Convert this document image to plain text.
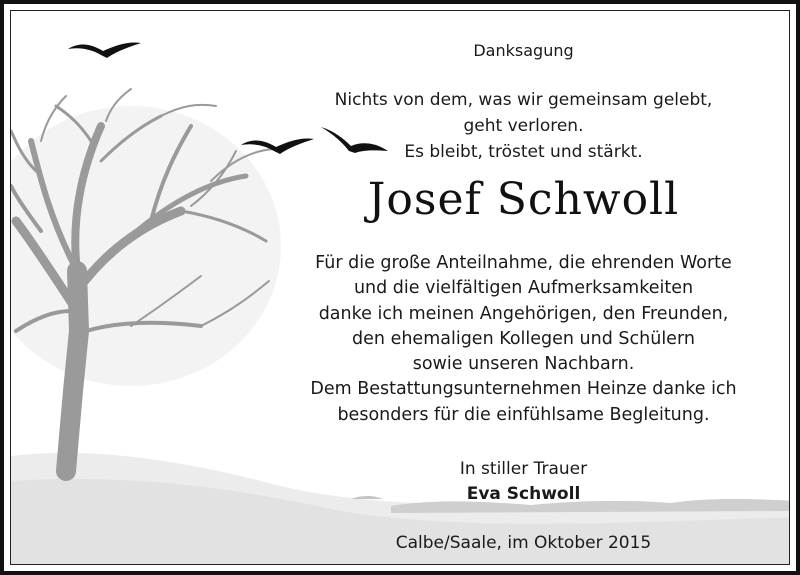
Danksagung
Nichts von dem, was wir gemeinsam gelebt,
geht verloren.
Es bleibt, tröstet und stärkt.
Josef Schwoll
Für die große Anteilnahme, die ehrenden Worte
und die vielfältigen Aufmerksamkeiten
danke ich meinen Angehörigen, den Freunden,
den ehemaligen Kollegen und Schülern
sowie unseren Nachbarn.
Dem Bestattungsunternehmen Heinze danke ich
besonders für die einfühlsame Begleitung.
In stiller Trauer
Eva Schwoll
Calbe/Saale, im Oktober 2015
